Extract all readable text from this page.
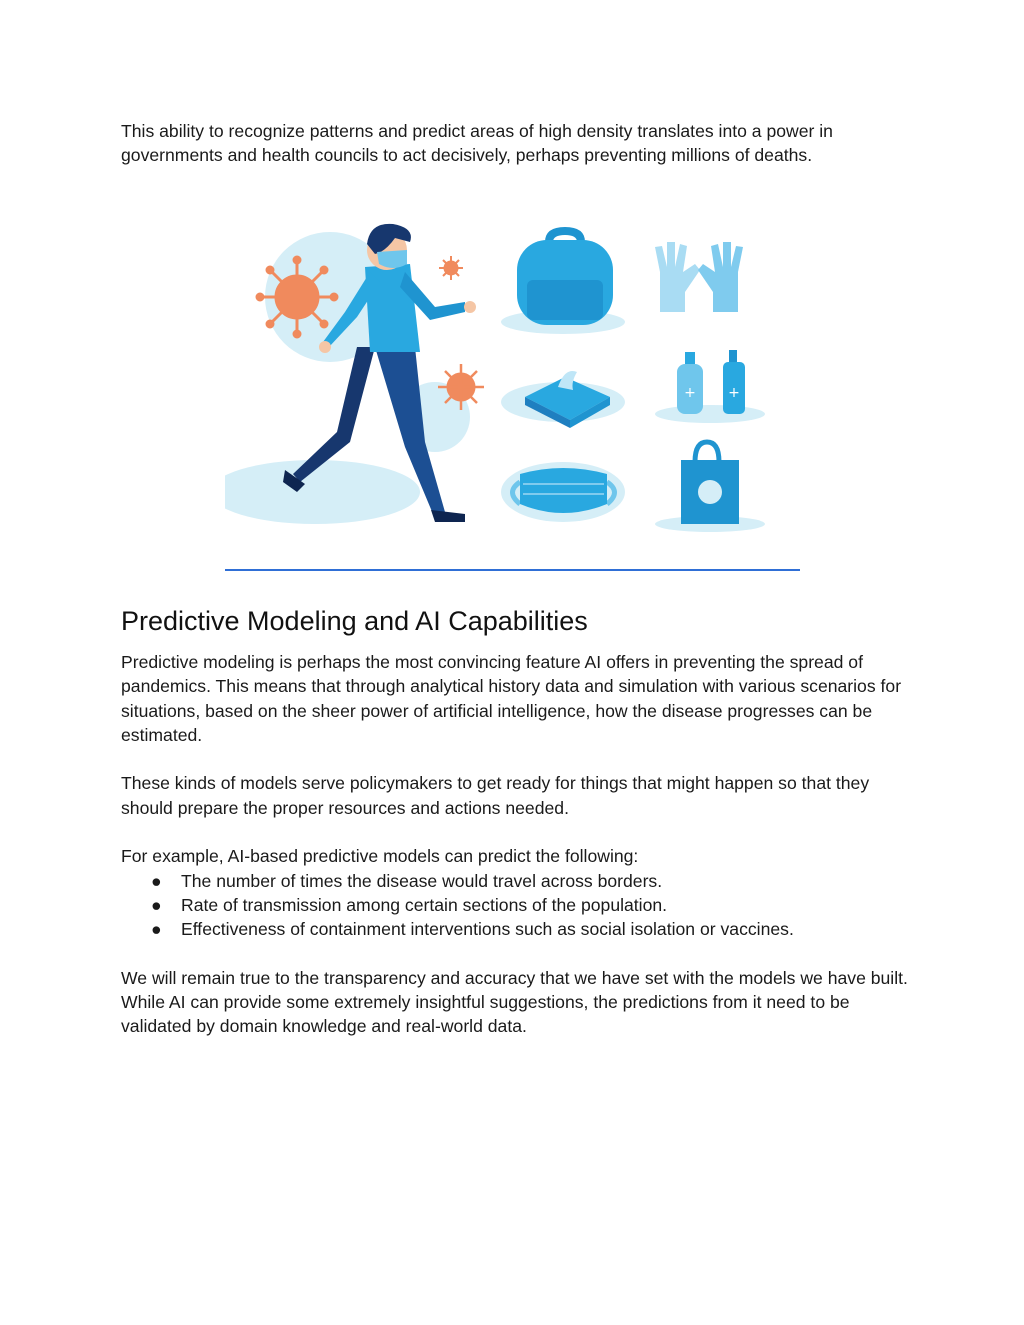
This ability to recognize patterns and predict areas of high density translates into a power in governments and health councils to act decisively, perhaps preventing millions of deaths.

+ +
Predictive Modeling and AI Capabilities

Predictive modeling is perhaps the most convincing feature AI offers in preventing the spread of pandemics. This means that through analytical history data and simulation with various scenarios for situations, based on the sheer power of artificial intelligence, how the disease progresses can be estimated.

These kinds of models serve policymakers to get ready for things that might happen so that they should prepare the proper resources and actions needed.

For example, AI-based predictive models can predict the following:

● The number of times the disease would travel across borders.
● Rate of transmission among certain sections of the population.
● Effectiveness of containment interventions such as social isolation or vaccines.

We will remain true to the transparency and accuracy that we have set with the models we have built. While AI can provide some extremely insightful suggestions, the predictions from it need to be validated by domain knowledge and real-world data.
